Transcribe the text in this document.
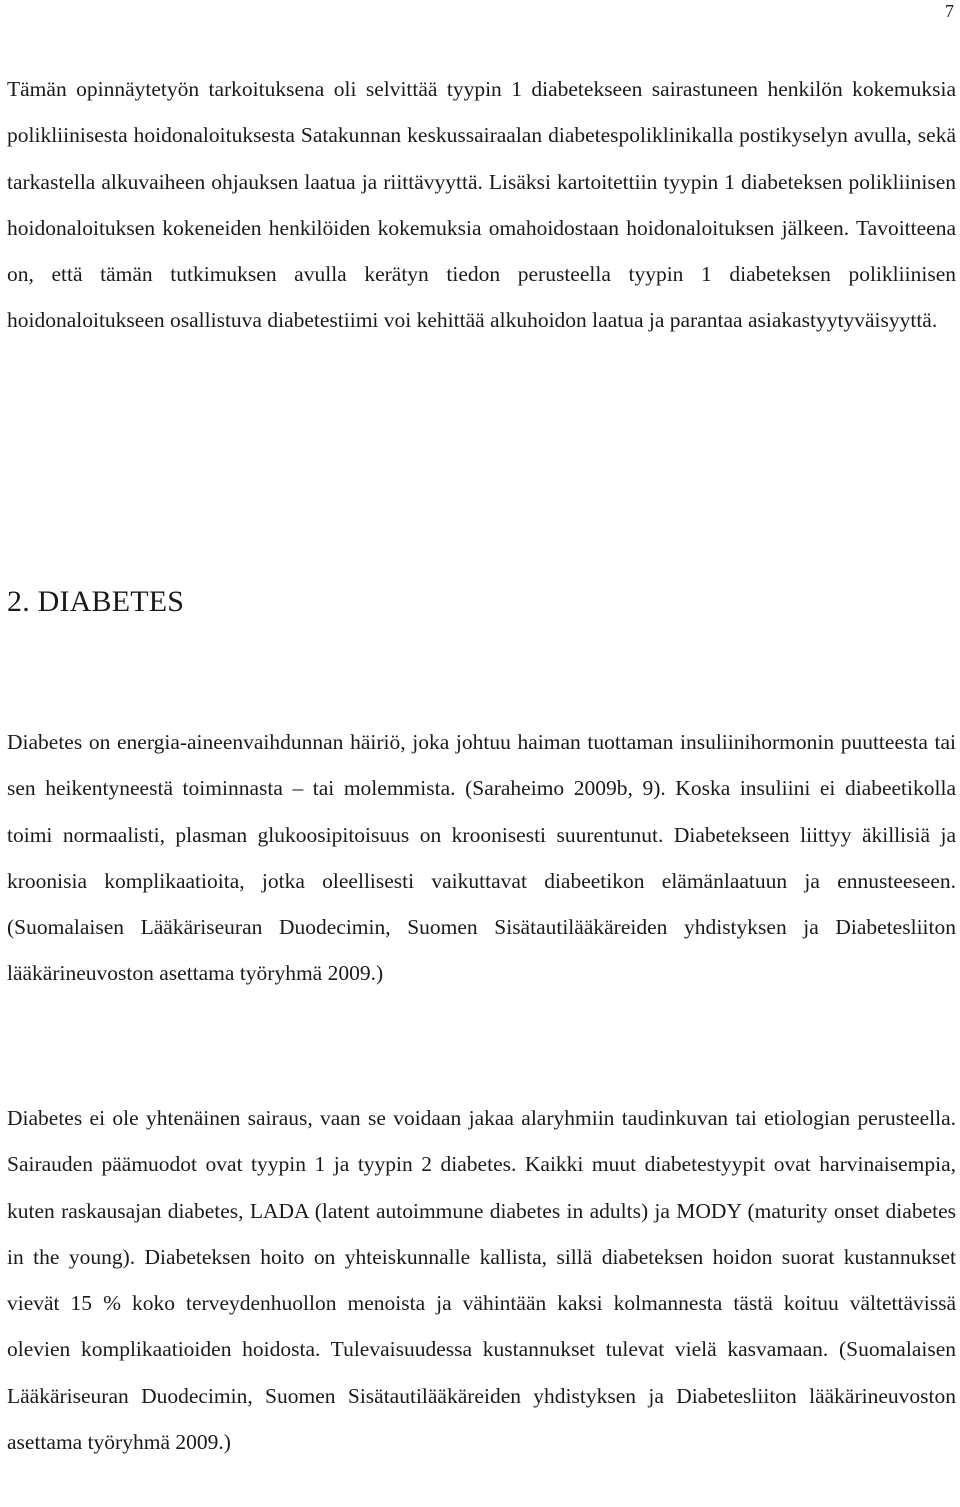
7

Tämän opinnäytetyön tarkoituksena oli selvittää tyypin 1 diabetekseen sairastuneen henkilön kokemuksia polikliinisesta hoidonaloituksesta Satakunnan keskussairaalan diabetespoliklinikalla postikyselyn avulla, sekä tarkastella alkuvaiheen ohjauksen laatua ja riittävyyttä. Lisäksi kartoitettiin tyypin 1 diabeteksen polikliinisen hoidonaloituksen kokeneiden henkilöiden kokemuksia omahoidostaan hoidonaloituksen jälkeen. Tavoitteena on, että tämän tutkimuksen avulla kerätyn tiedon perusteella tyypin 1 diabeteksen polikliinisen hoidonaloitukseen osallistuva diabetestiimi voi kehittää alkuhoidon laatua ja parantaa asiakastyytyväisyyttä.

2. DIABETES

Diabetes on energia-aineenvaihdunnan häiriö, joka johtuu haiman tuottaman insuliinihormonin puutteesta tai sen heikentyneestä toiminnasta – tai molemmista. (Saraheimo 2009b, 9). Koska insuliini ei diabeetikolla toimi normaalisti, plasman glukoosipitoisuus on kroonisesti suurentunut. Diabetekseen liittyy äkillisiä ja kroonisia komplikaatioita, jotka oleellisesti vaikuttavat diabeetikon elämänlaatuun ja ennusteeseen. (Suomalaisen Lääkäriseuran Duodecimin, Suomen Sisätautilääkäreiden yhdistyksen ja Diabetesliiton lääkärineuvoston asettama työryhmä 2009.)

Diabetes ei ole yhtenäinen sairaus, vaan se voidaan jakaa alaryhmiin taudinkuvan tai etiologian perusteella. Sairauden päämuodot ovat tyypin 1 ja tyypin 2 diabetes. Kaikki muut diabetestyypit ovat harvinaisempia, kuten raskausajan diabetes, LADA (latent autoimmune diabetes in adults) ja MODY (maturity onset diabetes in the young). Diabeteksen hoito on yhteiskunnalle kallista, sillä diabeteksen hoidon suorat kustannukset vievät 15 % koko terveydenhuollon menoista ja vähintään kaksi kolmannesta tästä koituu vältettävissä olevien komplikaatioiden hoidosta. Tulevaisuudessa kustannukset tulevat vielä kasvamaan. (Suomalaisen Lääkäriseuran Duodecimin, Suomen Sisätautilääkäreiden yhdistyksen ja Diabetesliiton lääkärineuvoston asettama työryhmä 2009.)
